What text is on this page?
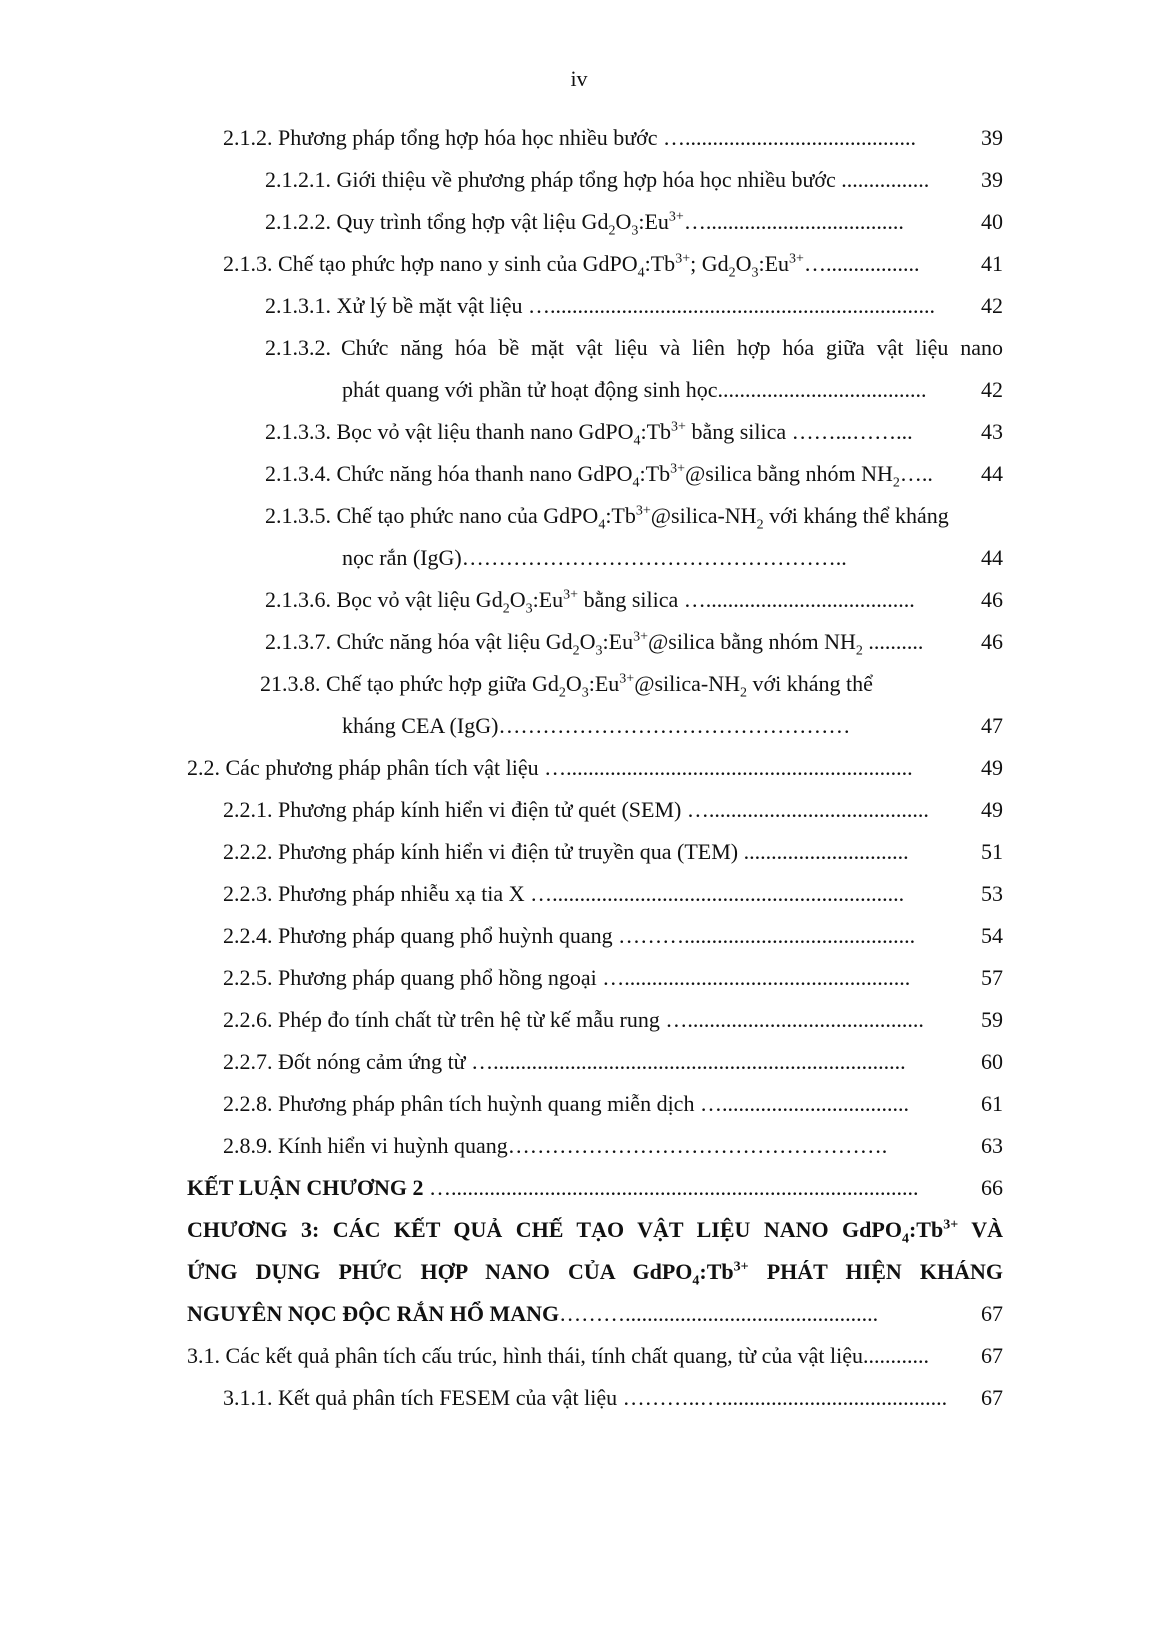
iv
2.1.2. Phương pháp tổng hợp hóa học nhiều bước …..........................................	39
2.1.2.1. Giới thiệu về phương pháp tổng hợp hóa học nhiều bước ................ 39
2.1.2.2. Quy trình tổng hợp vật liệu $Gd_2O_3:Eu^{3+}\dots$....................................	40
2.1.3. Chế tạo phức hợp nano y sinh của $GdPO_4:Tb^{3+}$; $Gd_2O_3:Eu^{3+}\dots$.................	41
2.1.3.1. Xử lý bề mặt vật liệu …...................................................................... 42
2.1.3.2. Chức năng hóa bề mặt vật liệu và liên hợp hóa giữa vật liệu nano
phát quang với phần tử hoạt động sinh học...................................... 42
2.1.3.3. Bọc vỏ vật liệu thanh nano $GdPO_4:Tb^{3+}$ bằng silica ……...……...	43
2.1.3.4. Chức năng hóa thanh nano $GdPO_4:Tb^{3+}@silica$ bằng nhóm $NH_2\dots$.. 44
2.1.3.5. Chế tạo phức nano của $GdPO_4:Tb^{3+}@silica-NH_2$ với kháng thể kháng
nọc rắn (IgG)……………………………………………..	44
2.1.3.6. Bọc vỏ vật liệu $Gd_2O_3:Eu^{3+}$ bằng silica …......................................	46
2.1.3.7. Chức năng hóa vật liệu $Gd_2O_3:Eu^{3+}@silica$ bằng nhóm $NH_2$ ..........	46
21.3.8. Chế tạo phức hợp giữa $Gd_2O_3:Eu^{3+}@silica-NH_2$ với kháng thể
kháng CEA (IgG)…………………………………………	47
2.2. Các phương pháp phân tích vật liệu …...............................................................	49
2.2.1. Phương pháp kính hiển vi điện tử quét (SEM) …........................................ 49
2.2.2. Phương pháp kính hiển vi điện tử truyền qua (TEM) ..............................	51
2.2.3. Phương pháp nhiễu xạ tia X …................................................................	53
2.2.4. Phương pháp quang phổ huỳnh quang ………..........................................	54
2.2.5. Phương pháp quang phổ hồng ngoại …....................................................	57
2.2.6. Phép đo tính chất từ trên hệ từ kế mẫu rung …...........................................	59
2.2.7. Đốt nóng cảm ứng từ …...........................................................................	60
2.2.8. Phương pháp phân tích huỳnh quang miễn dịch …..................................	61
2.8.9. Kính hiển vi huỳnh quang…………………………………………….	63
KẾT LUẬN CHƯƠNG 2 ….....................................................................................	66
CHƯƠNG 3: CÁC KẾT QUẢ CHẾ TẠO VẬT LIỆU NANO $GdPO_4:Tb^{3+}$ VÀ
ỨNG DỤNG PHỨC HỢP NANO CỦA $GdPO_4:Tb^{3+}$ PHÁT HIỆN KHÁNG
NGUYÊN NỌC ĐỘC RẮN HỔ MANG………..............................................	67
3.1. Các kết quả phân tích cấu trúc, hình thái, tính chất quang, từ của vật liệu............ 67
3.1.1. Kết quả phân tích FESEM của vật liệu ………..…......................................... 67
